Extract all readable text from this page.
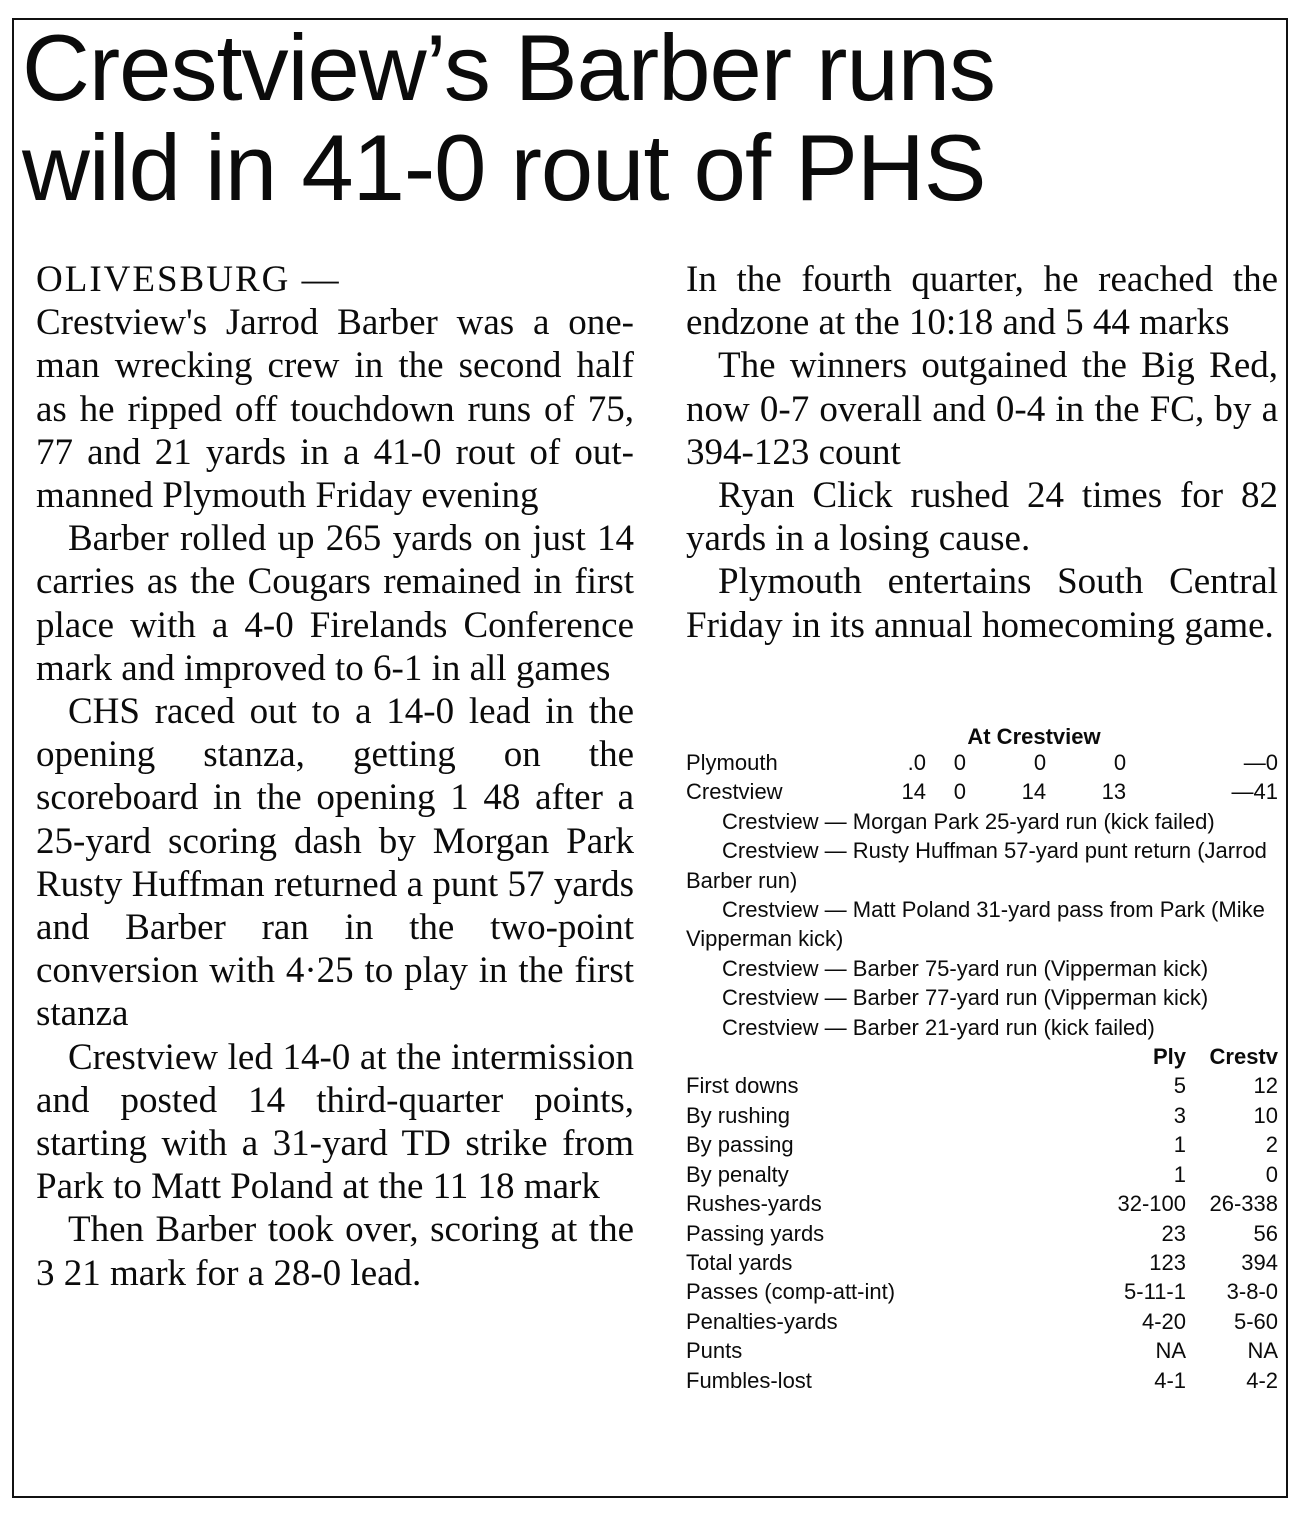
Crestview’s Barber runs
wild in 41-0 rout of PHS

OLIVESBURG —

Crestview's Jarrod Barber was a one-man wrecking crew in the second half as he ripped off touchdown runs of 75, 77 and 21 yards in a 41-0 rout of out-manned Plymouth Friday evening

Barber rolled up 265 yards on just 14 carries as the Cougars remained in first place with a 4-0 Firelands Conference mark and improved to 6-1 in all games

CHS raced out to a 14-0 lead in the opening stanza, getting on the scoreboard in the opening 1 48 after a 25-yard scoring dash by Morgan Park Rusty Huffman returned a punt 57 yards and Barber ran in the two-point conversion with 4·25 to play in the first stanza

Crestview led 14-0 at the intermission and posted 14 third-quarter points, starting with a 31-yard TD strike from Park to Matt Poland at the 11 18 mark

Then Barber took over, scoring at the 3 21 mark for a 28-0 lead.

In the fourth quarter, he reached the endzone at the 10:18 and 5 44 marks

The winners outgained the Big Red, now 0-7 overall and 0-4 in the FC, by a 394-123 count

Ryan Click rushed 24 times for 82 yards in a losing cause.

Plymouth entertains South Central Friday in its annual homecoming game.

At Crestview

Plymouth	.0	0	0	0	—0
Crestview	14	0	14	13	—41

Crestview — Morgan Park 25-yard run (kick failed)

Crestview — Rusty Huffman 57-yard punt return (Jarrod Barber run)

Crestview — Matt Poland 31-yard pass from Park (Mike Vipperman kick)

Crestview — Barber 75-yard run (Vipperman kick)

Crestview — Barber 77-yard run (Vipperman kick)

Crestview — Barber 21-yard run (kick failed)

	Ply	Crestv
First downs	5	12
By rushing	3	10
By passing	1	2
By penalty	1	0
Rushes-yards	32-100	26-338
Passing yards	23	56
Total yards	123	394
Passes (comp-att-int)	5-11-1	3-8-0
Penalties-yards	4-20	5-60
Punts	NA	NA
Fumbles-lost	4-1	4-2
